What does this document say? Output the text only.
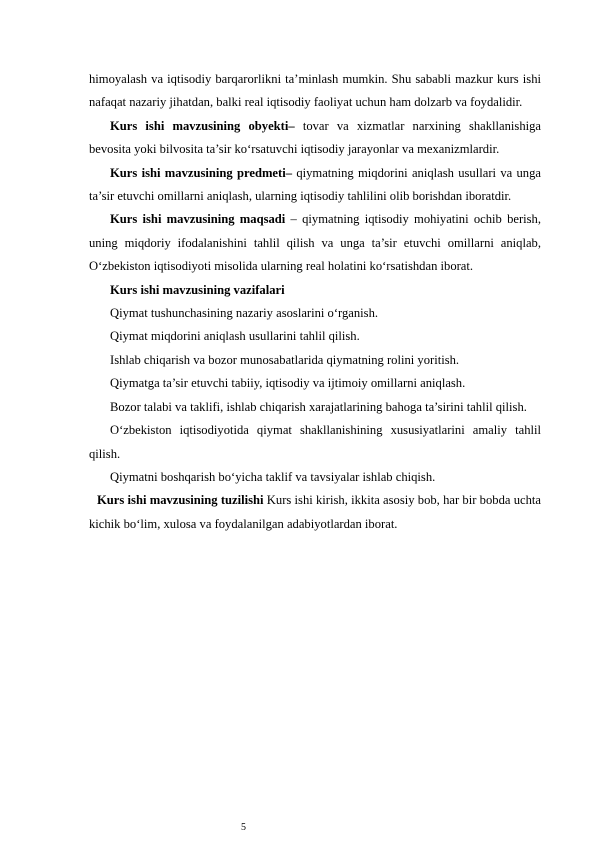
himoyalash va iqtisodiy barqarorlikni ta’minlash mumkin. Shu sababli mazkur kurs ishi nafaqat nazariy jihatdan, balki real iqtisodiy faoliyat uchun ham dolzarb va foydalidir.

Kurs ishi mavzusining obyekti– tovar va xizmatlar narxining shakllanishiga bevosita yoki bilvosita ta’sir ko‘rsatuvchi iqtisodiy jarayonlar va mexanizmlardir.

Kurs ishi mavzusining predmeti– qiymatning miqdorini aniqlash usullari va unga ta’sir etuvchi omillarni aniqlash, ularning iqtisodiy tahlilini olib borishdan iboratdir.

Kurs ishi mavzusining maqsadi – qiymatning iqtisodiy mohiyatini ochib berish, uning miqdoriy ifodalanishini tahlil qilish va unga ta’sir etuvchi omillarni aniqlab, O‘zbekiston iqtisodiyoti misolida ularning real holatini ko‘rsatishdan iborat.

Kurs ishi mavzusining vazifalari

Qiymat tushunchasining nazariy asoslarini o‘rganish.

Qiymat miqdorini aniqlash usullarini tahlil qilish.

Ishlab chiqarish va bozor munosabatlarida qiymatning rolini yoritish.

Qiymatga ta’sir etuvchi tabiiy, iqtisodiy va ijtimoiy omillarni aniqlash.

Bozor talabi va taklifi, ishlab chiqarish xarajatlarining bahoga ta’sirini tahlil qilish.

O‘zbekiston iqtisodiyotida qiymat shakllanishining xususiyatlarini amaliy tahlil qilish.

Qiymatni boshqarish bo‘yicha taklif va tavsiyalar ishlab chiqish.

Kurs ishi mavzusining tuzilishi Kurs ishi kirish, ikkita asosiy bob, har bir bobda uchta kichik bo‘lim, xulosa va foydalanilgan adabiyotlardan iborat.

5
